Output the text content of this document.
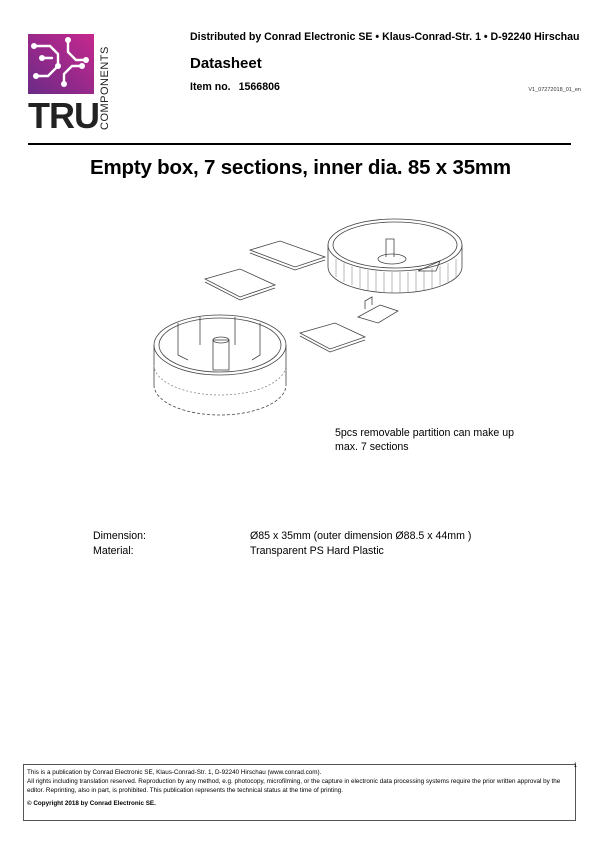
TRU COMPONENTS
Distributed by Conrad Electronic SE • Klaus-Conrad-Str. 1 • D-92240 Hirschau
Datasheet
Item no. 1566806	V1_07272018_01_en
Empty box, 7 sections, inner dia. 85 x 35mm
5pcs removable partition can make up
max. 7 sections
Dimension:	Ø85 x 35mm (outer dimension Ø88.5 x 44mm )
Material:	Transparent PS Hard Plastic
1
This is a publication by Conrad Electronic SE, Klaus-Conrad-Str. 1, D-92240 Hirschau (www.conrad.com).
All rights including translation reserved. Reproduction by any method, e.g. photocopy, microfilming, or the capture in electronic data processing systems require the prior written approval by the editor. Reprinting, also in part, is prohibited. This publication represents the technical status at the time of printing.
© Copyright 2018 by Conrad Electronic SE.
